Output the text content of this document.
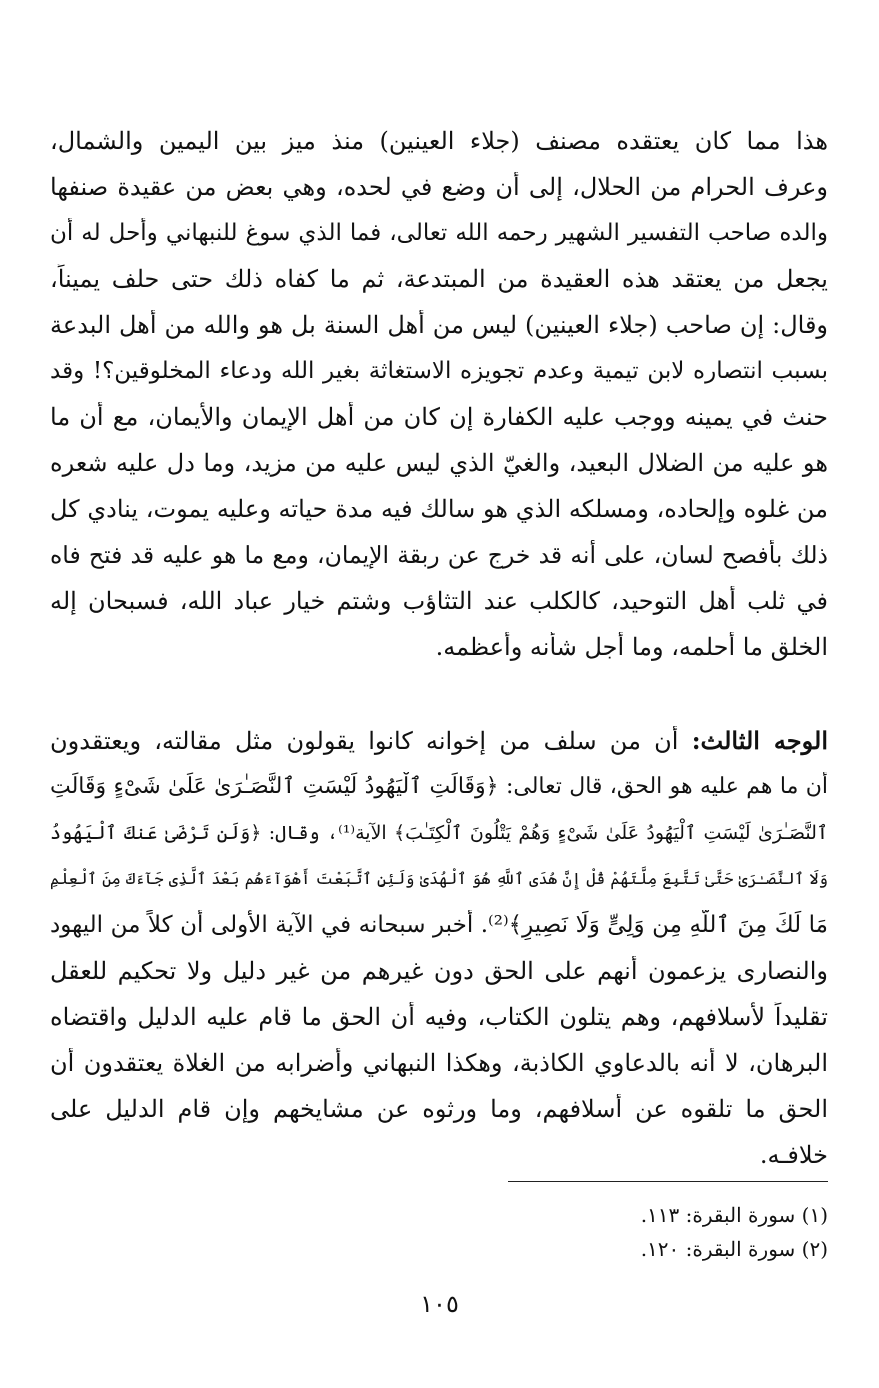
هذا مما كان يعتقده مصنف (جلاء العينين) منذ ميز بين اليمين والشمال،
وعرف الحرام من الحلال، إلى أن وضع في لحده، وهي بعض من عقيدة صنفها
والده صاحب التفسير الشهير رحمه الله تعالى، فما الذي سوغ للنبهاني وأحل له أن
يجعل من يعتقد هذه العقيدة من المبتدعة، ثم ما كفاه ذلك حتى حلف يميناً،
وقال: إن صاحب (جلاء العينين) ليس من أهل السنة بل هو والله من أهل البدعة
بسبب انتصاره لابن تيمية وعدم تجويزه الاستغاثة بغير الله ودعاء المخلوقين؟! وقد
حنث في يمينه ووجب عليه الكفارة إن كان من أهل الإيمان والأيمان، مع أن ما
هو عليه من الضلال البعيد، والغيّ الذي ليس عليه من مزيد، وما دل عليه شعره
من غلوه وإلحاده، ومسلكه الذي هو سالك فيه مدة حياته وعليه يموت، ينادي كل
ذلك بأفصح لسان، على أنه قد خرج عن ربقة الإيمان، ومع ما هو عليه قد فتح فاه
في ثلب أهل التوحيد، كالكلب عند التثاؤب وشتم خيار عباد الله، فسبحان إله
الخلق ما أحلمه، وما أجل شأنه وأعظمه.
الوجه الثالث: أن من سلف من إخوانه كانوا يقولون مثل مقالته، ويعتقدون
أن ما هم عليه هو الحق، قال تعالى: ﴿وَقَالَتِ ٱلْيَهُودُ لَيْسَتِ ٱلنَّصَـٰرَىٰ عَلَىٰ شَىْءٍ وَقَالَتِ
ٱلنَّصَـٰرَىٰ لَيْسَتِ ٱلْيَهُودُ عَلَىٰ شَىْءٍ وَهُمْ يَتْلُونَ ٱلْكِتَـٰبَ﴾ الآية⁽¹⁾، وقال: ﴿وَلَن تَرْضَىٰ عَنكَ ٱلْيَهُودُ
وَلَا ٱلنَّصَـٰرَىٰ حَتَّىٰ تَتَّبِعَ مِلَّتَهُمْ قُلْ إِنَّ هُدَى ٱللَّهِ هُوَ ٱلْهُدَىٰ وَلَئِنِ ٱتَّبَعْتَ أَهْوَآءَهُم بَعْدَ ٱلَّذِى جَآءَكَ مِنَ ٱلْعِلْمِ
مَا لَكَ مِنَ ٱللَّهِ مِن وَلِىٍّ وَلَا نَصِيرٍ﴾⁽²⁾. أخبر سبحانه في الآية الأولى أن كلاً من اليهود
والنصارى يزعمون أنهم على الحق دون غيرهم من غير دليل ولا تحكيم للعقل
تقليداً لأسلافهم، وهم يتلون الكتاب، وفيه أن الحق ما قام عليه الدليل واقتضاه
البرهان، لا أنه بالدعاوي الكاذبة، وهكذا النبهاني وأضرابه من الغلاة يعتقدون أن
الحق ما تلقوه عن أسلافهم، وما ورثوه عن مشايخهم وإن قام الدليل على
خلافـه.
(١) سورة البقرة: ١١٣.
(٢) سورة البقرة: ١٢٠.
١٠٥
